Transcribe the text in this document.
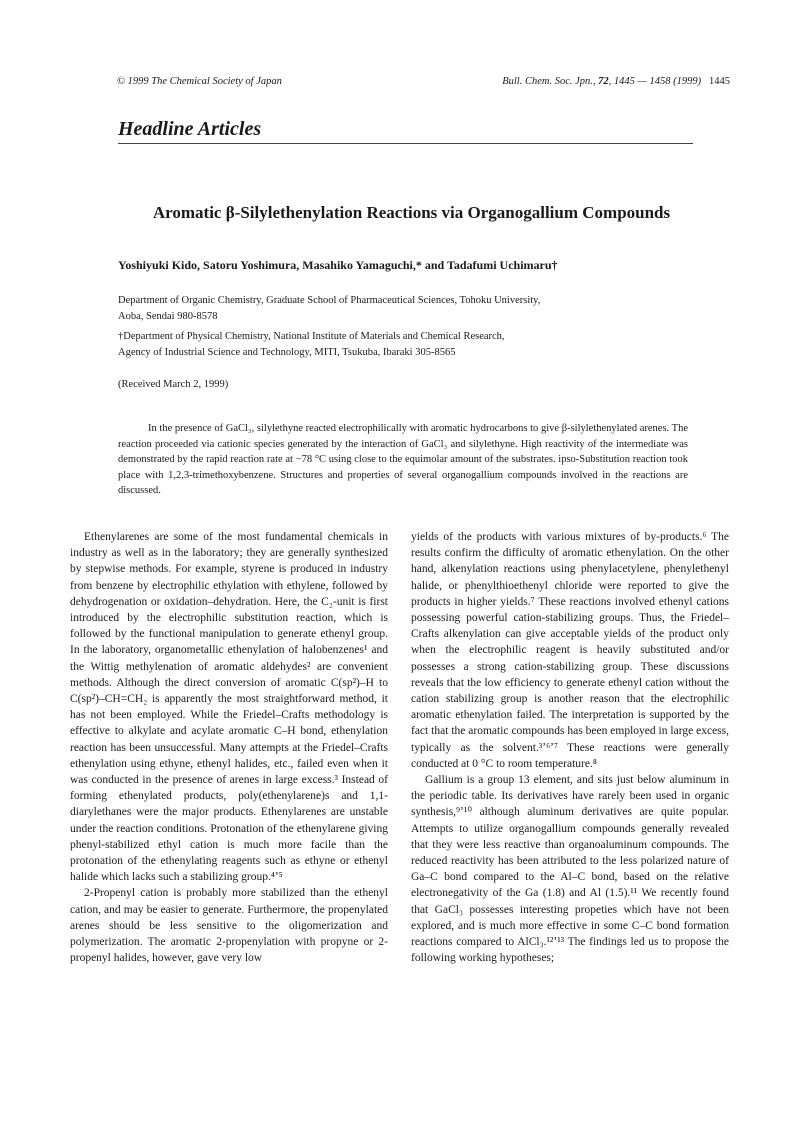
© 1999 The Chemical Society of Japan	Bull. Chem. Soc. Jpn., 72, 1445 — 1458 (1999) 1445
Headline Articles
Aromatic β-Silylethenylation Reactions via Organogallium Compounds
Yoshiyuki Kido, Satoru Yoshimura, Masahiko Yamaguchi,* and Tadafumi Uchimaru†
Department of Organic Chemistry, Graduate School of Pharmaceutical Sciences, Tohoku University,
Aoba, Sendai 980-8578
†Department of Physical Chemistry, National Institute of Materials and Chemical Research,
Agency of Industrial Science and Technology, MITI, Tsukuba, Ibaraki 305-8565
(Received March 2, 1999)
In the presence of GaCl₃, silylethyne reacted electrophilically with aromatic hydrocarbons to give β-silylethenylated arenes. The reaction proceeded via cationic species generated by the interaction of GaCl₃ and silylethyne. High reactivity of the intermediate was demonstrated by the rapid reaction rate at −78 °C using close to the equimolar amount of the substrates. ipso-Substitution reaction took place with 1,2,3-trimethoxybenzene. Structures and properties of several organogallium compounds involved in the reactions are discussed.

Ethenylarenes are some of the most fundamental chemicals in industry as well as in the laboratory; they are generally synthesized by stepwise methods. For example, styrene is produced in industry from benzene by electrophilic ethylation with ethylene, followed by dehydrogenation or oxidation–dehydration. Here, the C₂-unit is first introduced by the electrophilic substitution reaction, which is followed by the functional manipulation to generate ethenyl group. In the laboratory, organometallic ethenylation of halobenzenes¹ and the Wittig methylenation of aromatic aldehydes² are convenient methods. Although the direct conversion of aromatic C(sp²)–H to C(sp²)–CH=CH₂ is apparently the most straightforward method, it has not been employed. While the Friedel–Crafts methodology is effective to alkylate and acylate aromatic C–H bond, ethenylation reaction has been unsuccessful. Many attempts at the Friedel–Crafts ethenylation using ethyne, ethenyl halides, etc., failed even when it was conducted in the presence of arenes in large excess.³ Instead of forming ethenylated products, poly(ethenylarene)s and 1,1-diarylethanes were the major products. Ethenylarenes are unstable under the reaction conditions. Protonation of the ethenylarene giving phenyl-stabilized ethyl cation is much more facile than the protonation of the ethenylating reagents such as ethyne or ethenyl halide which lacks such a stabilizing group.⁴ʼ⁵

2-Propenyl cation is probably more stabilized than the ethenyl cation, and may be easier to generate. Furthermore, the propenylated arenes should be less sensitive to the oligomerization and polymerization. The aromatic 2-propenylation with propyne or 2-propenyl halides, however, gave very low

yields of the products with various mixtures of by-products.⁶ The results confirm the difficulty of aromatic ethenylation. On the other hand, alkenylation reactions using phenylacetylene, phenylethenyl halide, or phenylthioethenyl chloride were reported to give the products in higher yields.⁷ These reactions involved ethenyl cations possessing powerful cation-stabilizing groups. Thus, the Friedel–Crafts alkenylation can give acceptable yields of the product only when the electrophilic reagent is heavily substituted and/or possesses a strong cation-stabilizing group. These discussions reveals that the low efficiency to generate ethenyl cation without the cation stabilizing group is another reason that the electrophilic aromatic ethenylation failed. The interpretation is supported by the fact that the aromatic compounds has been employed in large excess, typically as the solvent.³ʼ⁶ʼ⁷ These reactions were generally conducted at 0 °C to room temperature.⁸

Gallium is a group 13 element, and sits just below aluminum in the periodic table. Its derivatives have rarely been used in organic synthesis,⁹ʼ¹⁰ although aluminum derivatives are quite popular. Attempts to utilize organogallium compounds generally revealed that they were less reactive than organoaluminum compounds. The reduced reactivity has been attributed to the less polarized nature of Ga–C bond compared to the Al–C bond, based on the relative electronegativity of the Ga (1.8) and Al (1.5).¹¹ We recently found that GaCl₃ possesses interesting propeties which have not been explored, and is much more effective in some C–C bond formation reactions compared to AlCl₃.¹²ʼ¹³ The findings led us to propose the following working hypotheses;
